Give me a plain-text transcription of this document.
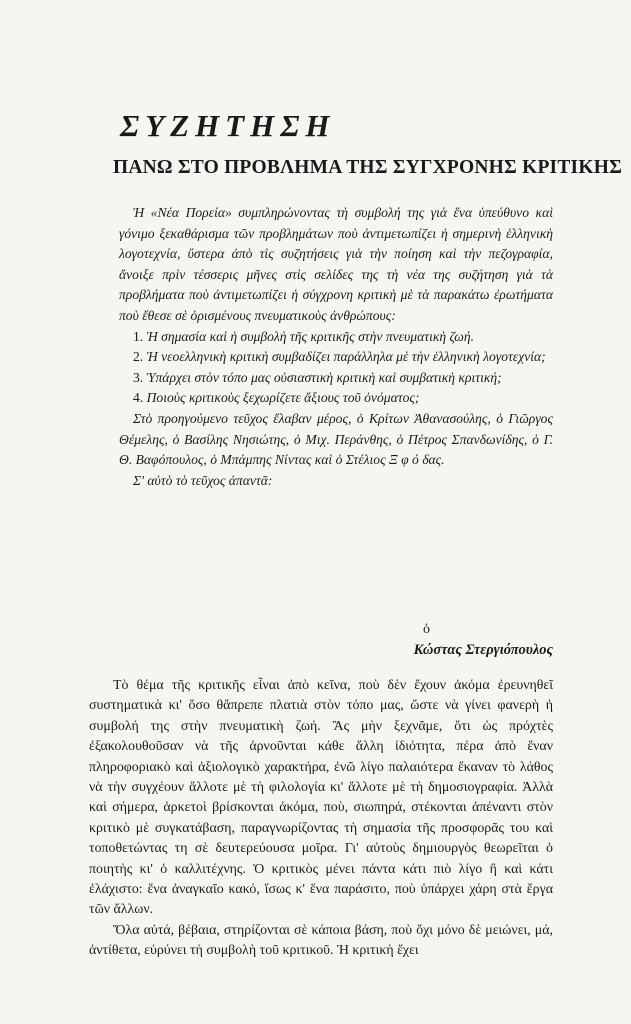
ΣΥΖΗΤΗΣΗ
ΠΑΝΩ ΣΤΟ ΠΡΟΒΛΗΜΑ ΤΗΣ ΣΥΓΧΡΟΝΗΣ ΚΡΙΤΙΚΗΣ

Ἡ «Νέα Πορεία» συμπληρώνοντας τὴ συμβολή της γιὰ ἕνα ὑπεύθυνο καὶ γόνιμο ξεκαθάρισμα τῶν προβλημάτων ποὺ ἀντιμετωπίζει ἡ σημερινὴ ἑλληνικὴ λογοτεχνία, ὕστερα ἀπὸ τὶς συζητήσεις γιὰ τὴν ποίηση καὶ τὴν πεζογραφία, ἄνοιξε πρὶν τέσσερις μῆνες στὶς σελίδες της τὴ νέα της συζήτηση γιὰ τὰ προβλήματα ποὺ ἀντιμετωπίζει ἡ σύγχρονη κριτικὴ μὲ τὰ παρακάτω ἐρωτήματα ποὺ ἔθεσε σὲ ὁρισμένους πνευματικοὺς ἀνθρώπους:

1. Ἡ σημασία καὶ ἡ συμβολὴ τῆς κριτικῆς στὴν πνευματικὴ ζωή.

2. Ἡ νεοελληνικὴ κριτικὴ συμβαδίζει παράλληλα μὲ τὴν ἑλληνικὴ λογοτεχνία;

3. Ὑπάρχει στὸν τόπο μας οὐσιαστικὴ κριτικὴ καὶ συμβατικὴ κριτική;

4. Ποιοὺς κριτικοὺς ξεχωρίζετε ἄξιους τοῦ ὀνόματος;

Στὸ προηγούμενο τεῦχος ἔλαβαν μέρος, ὁ Κρίτων Ἀθανασούλης, ὁ Γιῶργος Θέμελης, ὁ Βασίλης Νησιώτης, ὁ Μιχ. Περάνθης, ὁ Πέτρος Σπανδωνίδης, ὁ Γ. Θ. Βαφόπουλος, ὁ Μπάμπης Νίντας καὶ ὁ Στέλιος Ξ φ ό δας.

Σ' αὐτὸ τὸ τεῦχος ἀπαντᾶ:

ὁ

Κώστας Στεργιόπουλος

Τὸ θέμα τῆς κριτικῆς εἶναι ἀπὸ κεῖνα, ποὺ δὲν ἔχουν ἀκόμα ἐρευνηθεῖ συστηματικὰ κι' ὅσο θἄπρεπε πλατιὰ στὸν τόπο μας, ὥστε νὰ γίνει φανερὴ ἡ συμβολή της στὴν πνευματικὴ ζωή. Ἂς μὴν ξεχνᾶμε, ὅτι ὡς πρόχτὲς ἐξακολουθοῦσαν νὰ τῆς ἀρνοῦνται κάθε ἄλλη ἰδιότητα, πέρα ἀπὸ ἕναν πληροφοριακὸ καὶ ἀξιολογικὸ χαρακτήρα, ἐνῶ λίγο παλαιότερα ἔκαναν τὸ λάθος νὰ τὴν συγχέουν ἄλλοτε μὲ τὴ φιλολογία κι' ἄλλοτε μὲ τὴ δημοσιογραφία. Ἀλλὰ καὶ σήμερα, ἀρκετοὶ βρίσκονται ἀκόμα, ποὺ, σιωπηρά, στέκονται ἀπέναντι στὸν κριτικὸ μὲ συγκατάβαση, παραγνωρίζοντας τὴ σημασία τῆς προσφορᾶς του καὶ τοποθετώντας τη σὲ δευτερεύουσα μοῖρα. Γι' αὐτοὺς δημιουργὸς θεωρεῖται ὁ ποιητὴς κι' ὁ καλλιτέχνης. Ὁ κριτικὸς μένει πάντα κάτι πιὸ λίγο ἢ καὶ κάτι ἐλάχιστο: ἕνα ἀναγκαῖο κακό, ἴσως κ' ἕνα παράσιτο, ποὺ ὑπάρχει χάρη στὰ ἔργα τῶν ἄλλων.

Ὅλα αὐτά, βέβαια, στηρίζονται σὲ κάποια βάση, ποὺ ὄχι μόνο δὲ μειώνει, μά, ἀντίθετα, εὐρύνει τὴ συμβολὴ τοῦ κριτικοῦ. Ἡ κριτικὴ ἔχει
